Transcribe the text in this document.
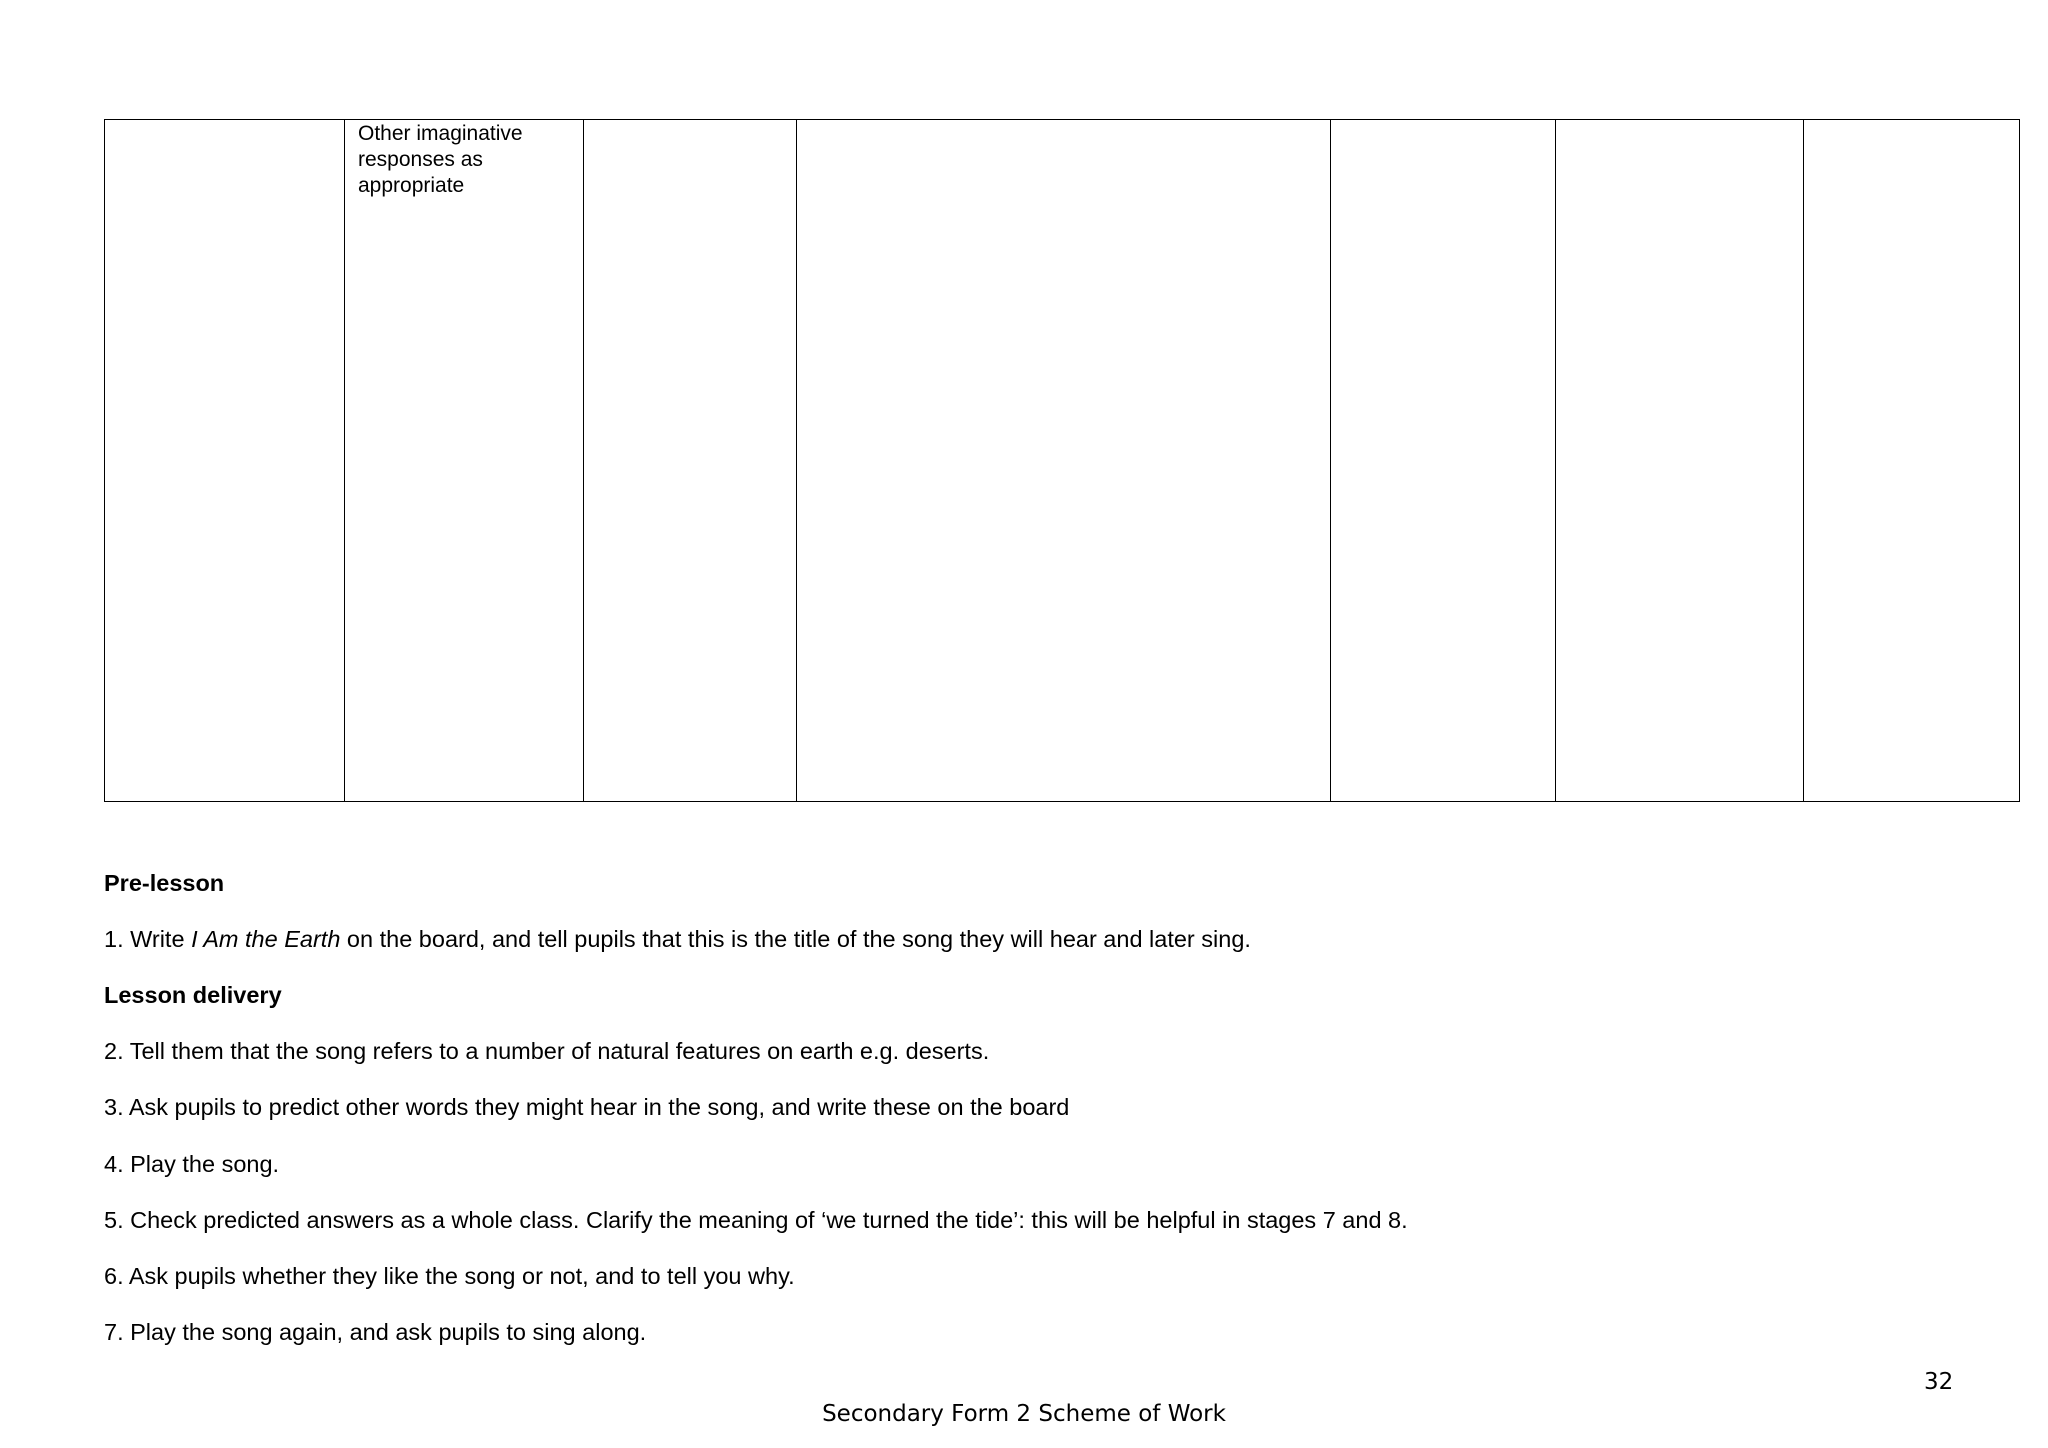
Other imaginative responses as appropriate

Pre-lesson
1. Write I Am the Earth on the board, and tell pupils that this is the title of the song they will hear and later sing.
Lesson delivery
2. Tell them that the song refers to a number of natural features on earth e.g. deserts.
3. Ask pupils to predict other words they might hear in the song, and write these on the board
4. Play the song.
5. Check predicted answers as a whole class. Clarify the meaning of ‘we turned the tide’: this will be helpful in stages 7 and 8.
6. Ask pupils whether they like the song or not, and to tell you why.
7. Play the song again, and ask pupils to sing along.
32
Secondary Form 2 Scheme of Work
